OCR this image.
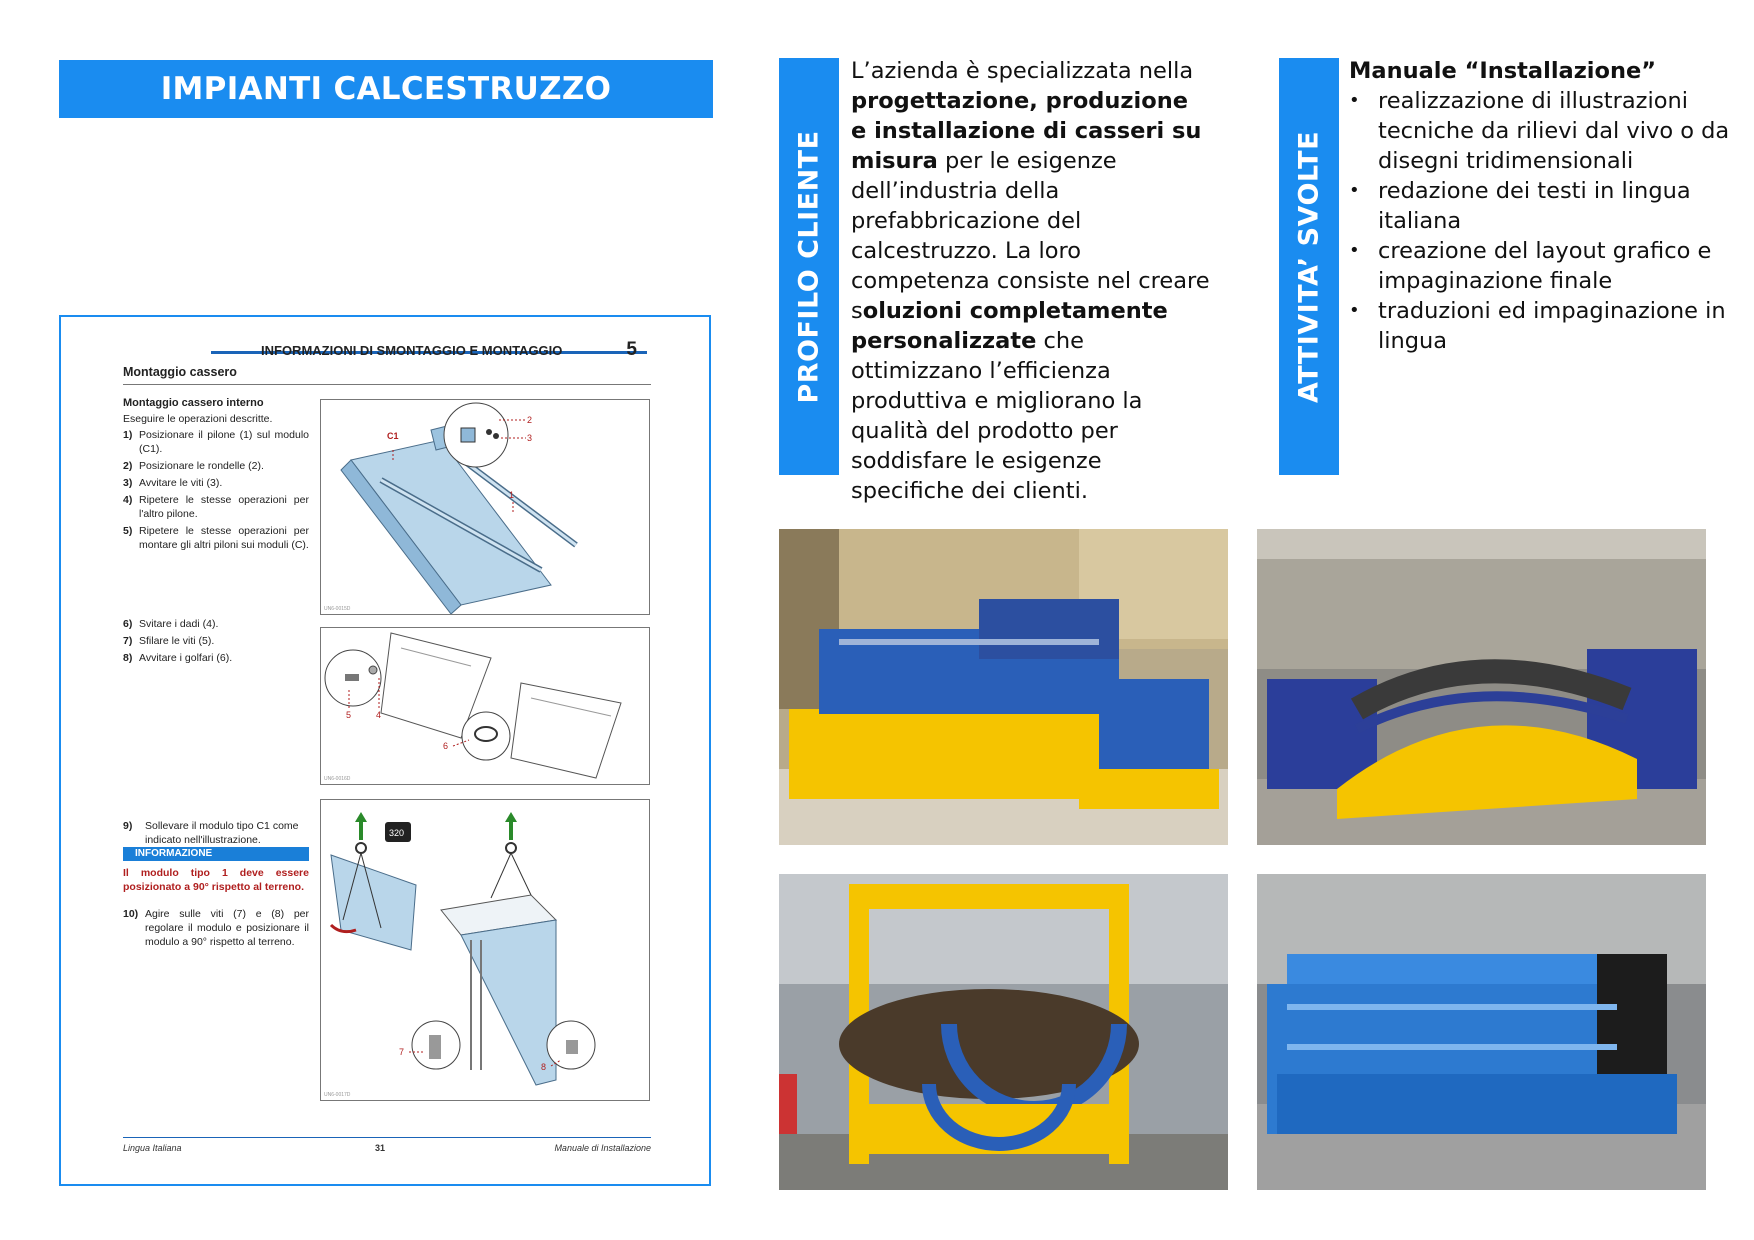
IMPIANTI CALCESTRUZZO
INFORMAZIONI DI SMONTAGGIO E MONTAGGIO	5
Montaggio cassero
Montaggio cassero interno
Eseguire le operazioni descritte.
1) Posizionare il pilone (1) sul modulo (C1).
2) Posizionare le rondelle (2).
3) Avvitare le viti (3).
4) Ripetere le stesse operazioni per l'altro pilone.
5) Ripetere le stesse operazioni per montare gli altri piloni sui moduli (C).
2
3
C1
1
UN6-0015D
6) Svitare i dadi (4).
7) Sfilare le viti (5).
8) Avvitare i golfari (6).
5	4
6
UN6-0016D
9)	Sollevare il modulo tipo C1 come indicato nell'illustrazione.
INFORMAZIONE
Il modulo tipo 1 deve essere posizionato a 90° rispetto al terreno.
10) Agire sulle viti (7) e (8) per regolare il modulo e posizionare il modulo a 90° rispetto al terreno.
320
7
8
UN6-0017D
Lingua Italiana	31	Manuale di Installazione
PROFILO CLIENTE
L’azienda è specializzata nella progettazione, produzione e installazione di casseri su misura per le esigenze dell’industria della prefabbricazione del calcestruzzo. La loro competenza consiste nel creare soluzioni completamente personalizzate che ottimizzano l’efficienza produttiva e migliorano la qualità del prodotto per soddisfare le esigenze specifiche dei clienti.
ATTIVITA’ SVOLTE
Manuale “Installazione”
• realizzazione di illustrazioni tecniche da rilievi dal vivo o da disegni tridimensionali
• redazione dei testi in lingua italiana
• creazione del layout grafico e impaginazione finale
• traduzioni ed impaginazione in lingua
